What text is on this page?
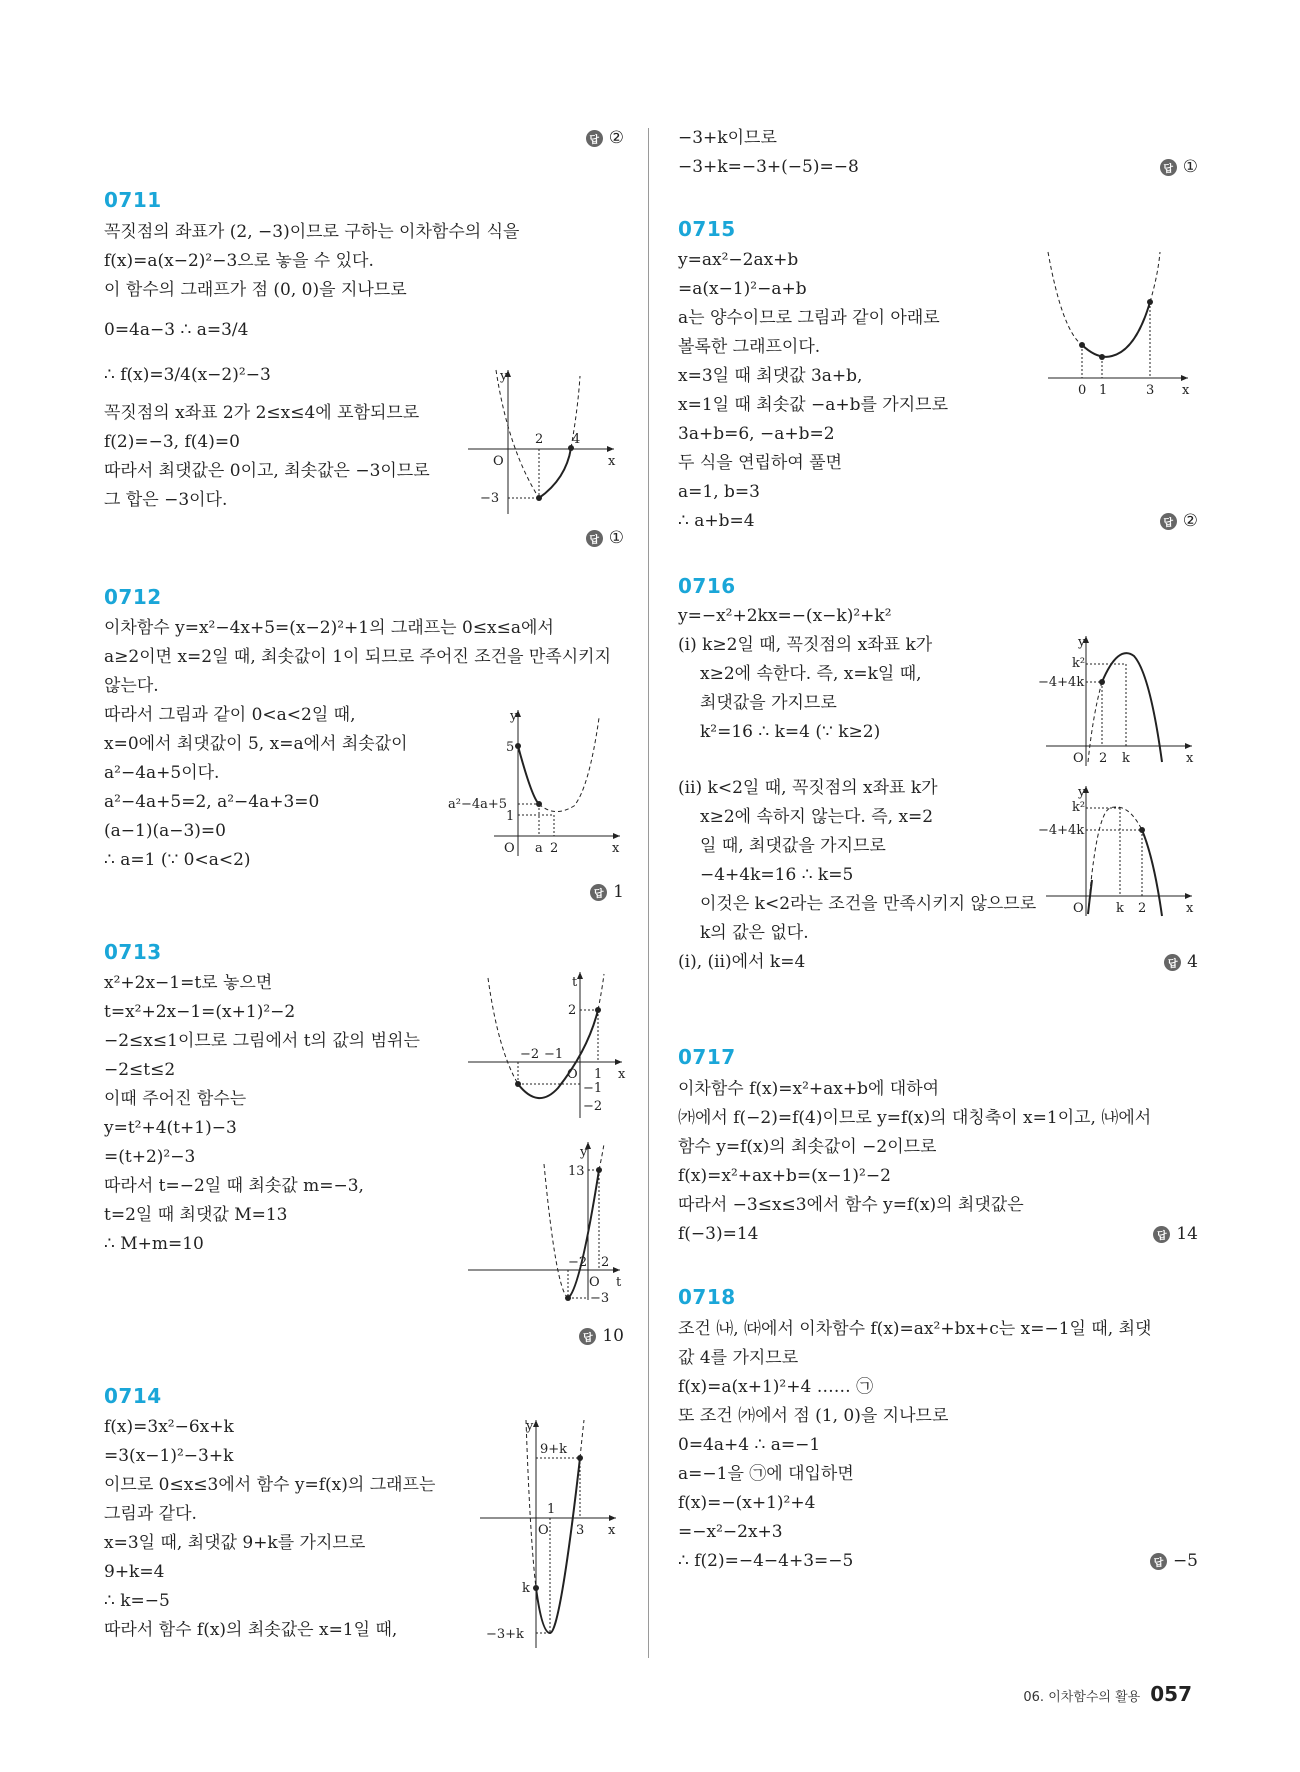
답 ②
0711
꼭짓점의 좌표가 (2, −3)이므로 구하는 이차함수의 식을
f(x)=a(x−2)²−3으로 놓을 수 있다.
이 함수의 그래프가 점 (0, 0)을 지나므로
0=4a−3 ∴ a=3/4
∴ f(x)=3/4(x−2)²−3
꼭짓점의 x좌표 2가 2≤x≤4에 포함되므로
f(2)=−3, f(4)=0
따라서 최댓값은 0이고, 최솟값은 −3이므로
그 합은 −3이다.
y
x
O
2 4
−3
답 ①
0712
이차함수 y=x²−4x+5=(x−2)²+1의 그래프는 0≤x≤a에서
a≥2이면 x=2일 때, 최솟값이 1이 되므로 주어진 조건을 만족시키지
않는다.
따라서 그림과 같이 0<a<2일 때,
x=0에서 최댓값이 5, x=a에서 최솟값이
a²−4a+5이다.
a²−4a+5=2, a²−4a+3=0
(a−1)(a−3)=0
∴ a=1 (∵ 0<a<2)
y
x
O
5
a²−4a+5
1
a 2
답 1
0713
x²+2x−1=t로 놓으면
t=x²+2x−1=(x+1)²−2
−2≤x≤1이므로 그림에서 t의 값의 범위는
−2≤t≤2
이때 주어진 함수는
y=t²+4(t+1)−3
=(t+2)²−3
따라서 t=−2일 때 최솟값 m=−3,
t=2일 때 최댓값 M=13
∴ M+m=10
t
x
O
2
−2 −1
1
−1
−2
y
t
O
13
−2 2
−3
답 10
0714
f(x)=3x²−6x+k
=3(x−1)²−3+k
이므로 0≤x≤3에서 함수 y=f(x)의 그래프는
그림과 같다.
x=3일 때, 최댓값 9+k를 가지므로
9+k=4
∴ k=−5
따라서 함수 f(x)의 최솟값은 x=1일 때,
y
x
O
9+k
1
3
k
−3+k
−3+k이므로
−3+k=−3+(−5)=−8	답 ①
0715
y=ax²−2ax+b
=a(x−1)²−a+b
a는 양수이므로 그림과 같이 아래로
볼록한 그래프이다.
x=3일 때 최댓값 3a+b,
x=1일 때 최솟값 −a+b를 가지므로
3a+b=6, −a+b=2
두 식을 연립하여 풀면
a=1, b=3
∴ a+b=4
x
0 1	3
답 ②
0716
y=−x²+2kx=−(x−k)²+k²
(ⅰ) k≥2일 때, 꼭짓점의 x좌표 k가
x≥2에 속한다. 즉, x=k일 때,
최댓값을 가지므로
k²=16 ∴ k=4 (∵ k≥2)
y
x
O
k²
−4+4k
2 k
(ⅱ) k<2일 때, 꼭짓점의 x좌표 k가
x≥2에 속하지 않는다. 즉, x=2
일 때, 최댓값을 가지므로
−4+4k=16 ∴ k=5
이것은 k<2라는 조건을 만족시키지 않으므로
k의 값은 없다.
(ⅰ), (ⅱ)에서 k=4
y
x
O
k²
−4+4k
k 2
답 4
0717
이차함수 f(x)=x²+ax+b에 대하여
㈎에서 f(−2)=f(4)이므로 y=f(x)의 대칭축이 x=1이고, ㈏에서
함수 y=f(x)의 최솟값이 −2이므로
f(x)=x²+ax+b=(x−1)²−2
따라서 −3≤x≤3에서 함수 y=f(x)의 최댓값은
f(−3)=14	답 14
0718
조건 ㈏, ㈐에서 이차함수 f(x)=ax²+bx+c는 x=−1일 때, 최댓
값 4를 가지므로
f(x)=a(x+1)²+4 …… ㉠
또 조건 ㈎에서 점 (1, 0)을 지나므로
0=4a+4 ∴ a=−1
a=−1을 ㉠에 대입하면
f(x)=−(x+1)²+4
=−x²−2x+3
∴ f(2)=−4−4+3=−5	답 −5
06. 이차함수의 활용 057
